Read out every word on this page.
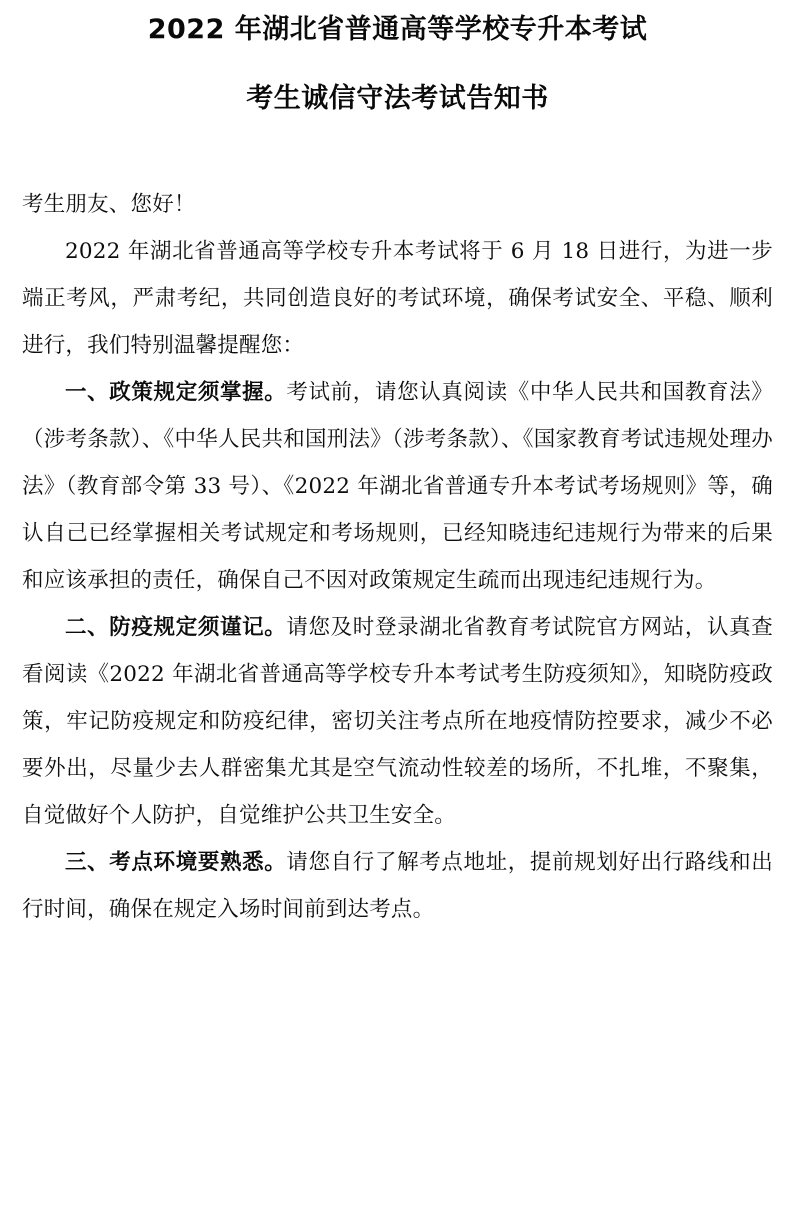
2022 年湖北省普通高等学校专升本考试
考生诚信守法考试告知书

考生朋友、您好！

2022 年湖北省普通高等学校专升本考试将于 6 月 18 日进行，为进一步端正考风，严肃考纪，共同创造良好的考试环境，确保考试安全、平稳、顺利进行，我们特别温馨提醒您：

一、政策规定须掌握。考试前，请您认真阅读《中华人民共和国教育法》（涉考条款）、《中华人民共和国刑法》（涉考条款）、《国家教育考试违规处理办法》（教育部令第 33 号）、《2022 年湖北省普通专升本考试考场规则》等，确认自己已经掌握相关考试规定和考场规则，已经知晓违纪违规行为带来的后果和应该承担的责任，确保自己不因对政策规定生疏而出现违纪违规行为。

二、防疫规定须谨记。请您及时登录湖北省教育考试院官方网站，认真查看阅读《2022 年湖北省普通高等学校专升本考试考生防疫须知》，知晓防疫政策，牢记防疫规定和防疫纪律，密切关注考点所在地疫情防控要求，减少不必要外出，尽量少去人群密集尤其是空气流动性较差的场所，不扎堆，不聚集，自觉做好个人防护，自觉维护公共卫生安全。

三、考点环境要熟悉。请您自行了解考点地址，提前规划好出行路线和出行时间，确保在规定入场时间前到达考点。
